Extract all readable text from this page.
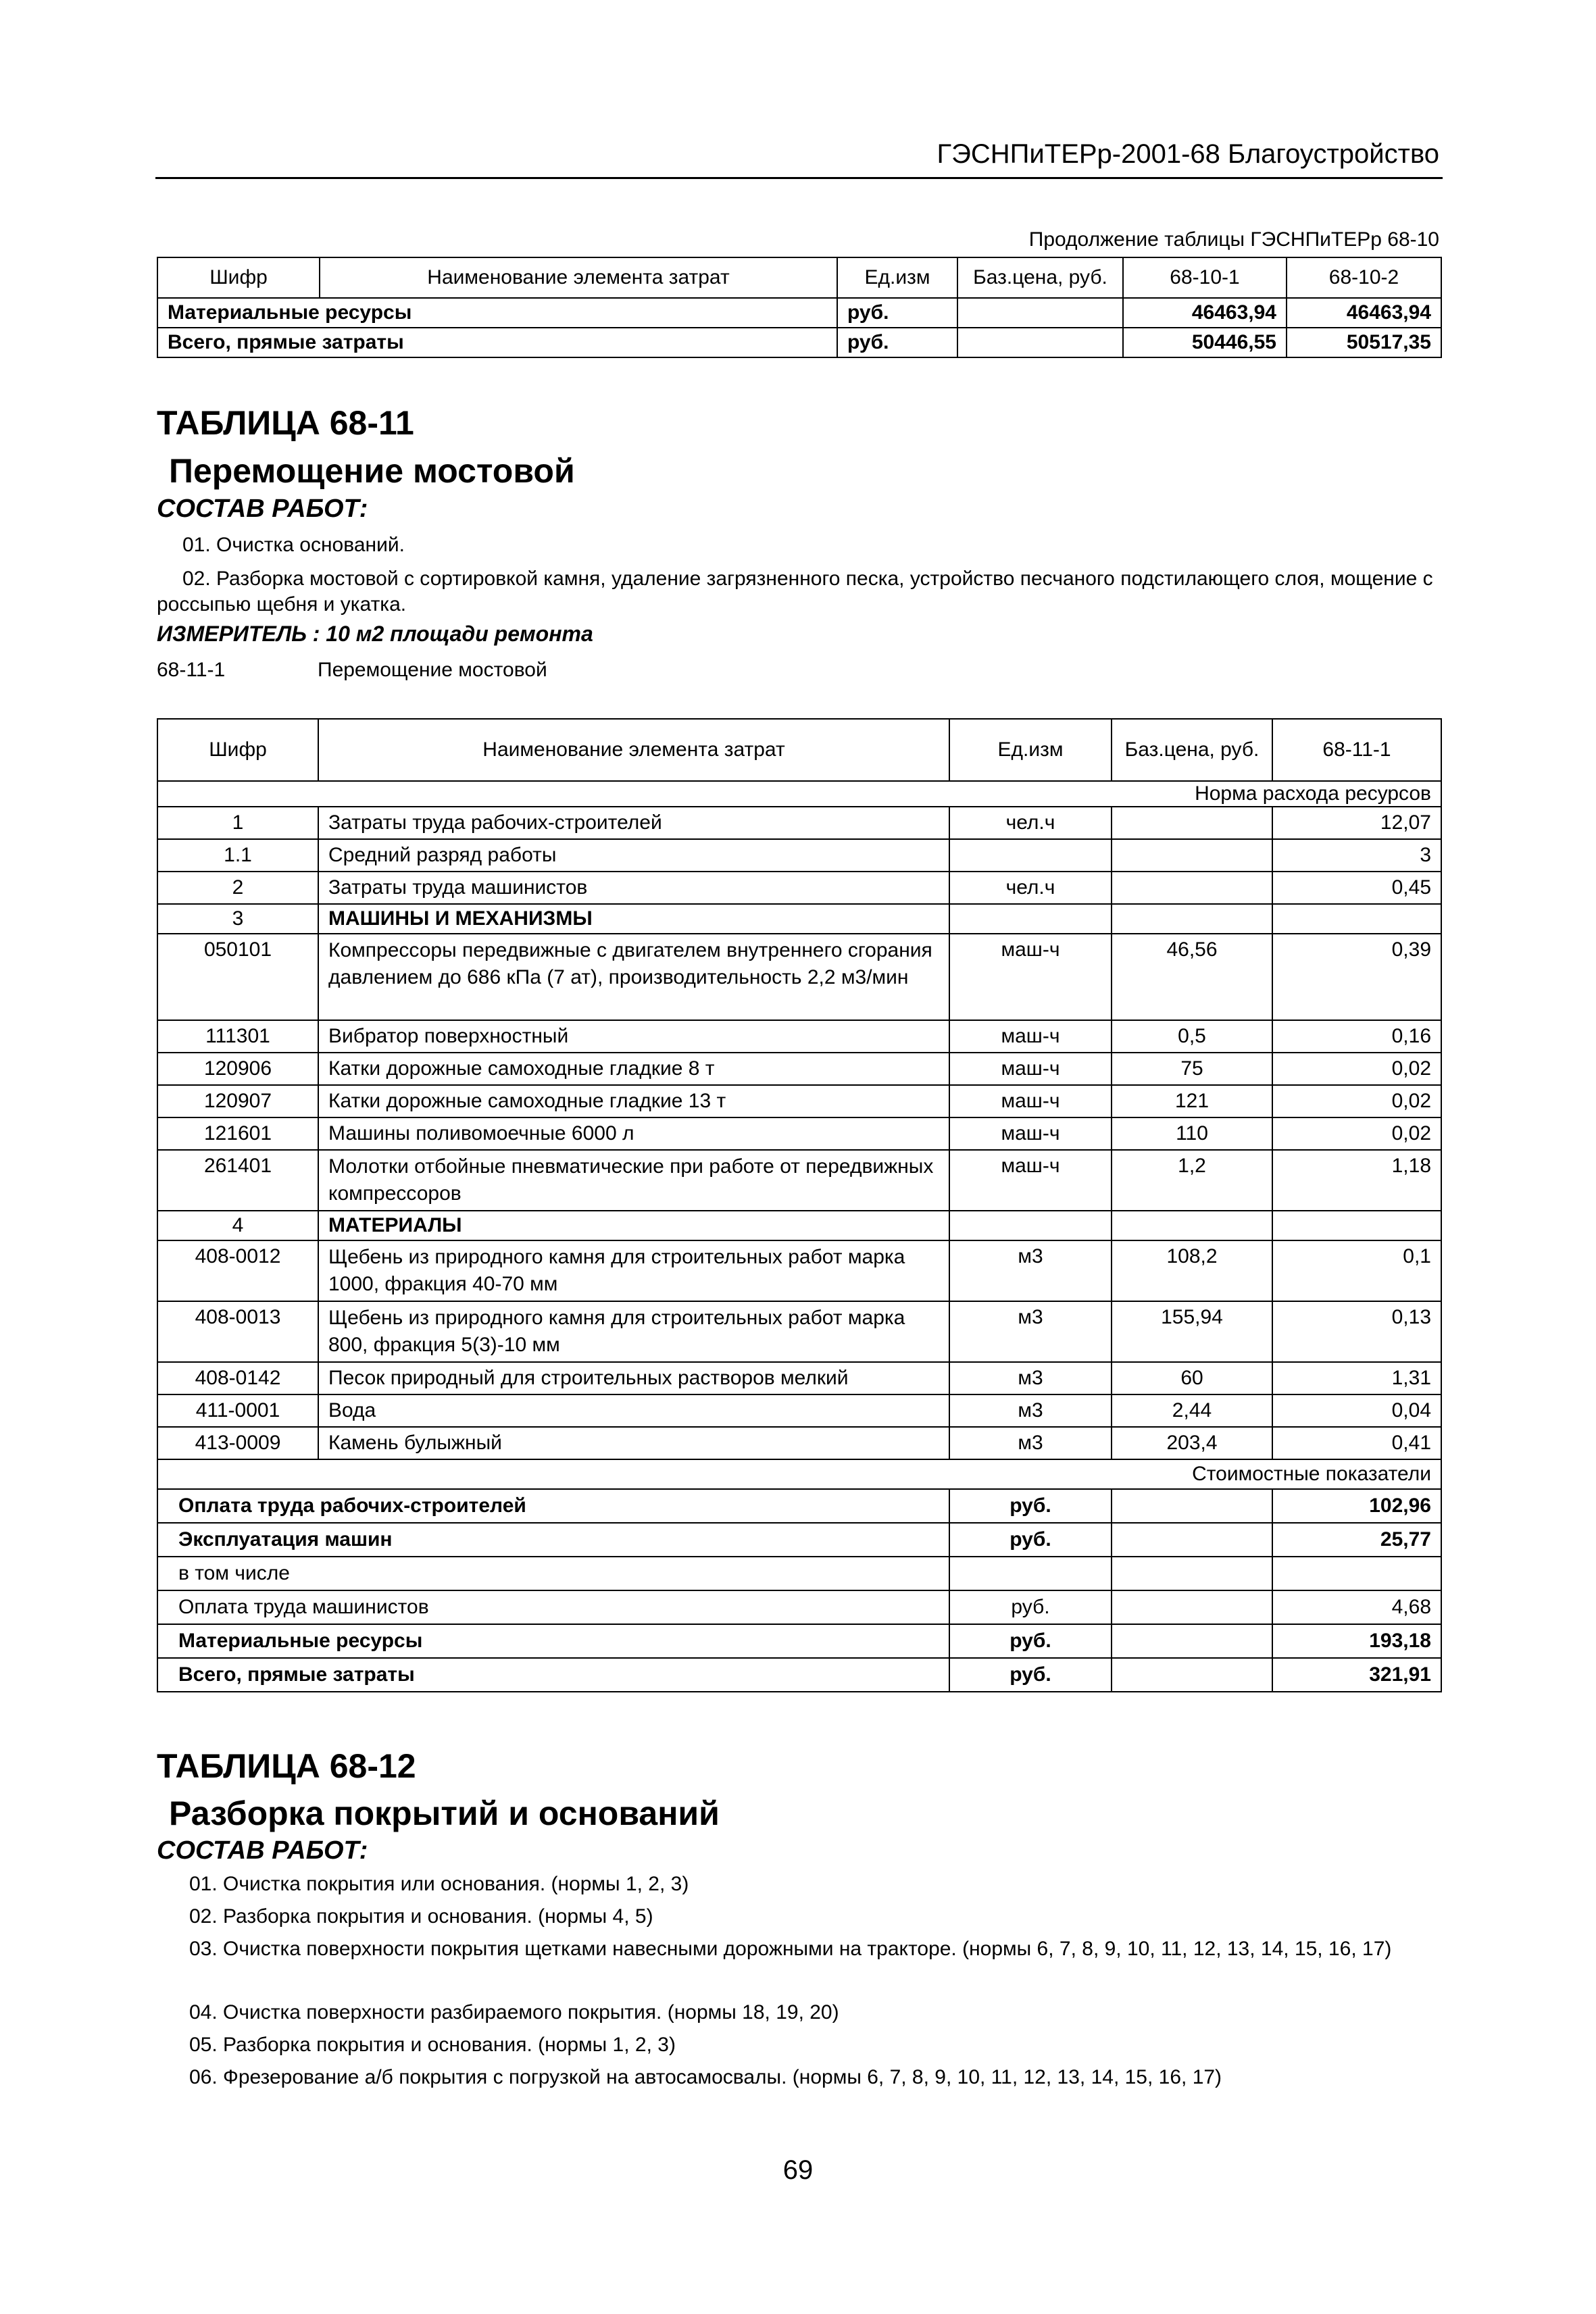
ГЭСНПиТЕРр-2001-68 Благоустройство
Продолжение таблицы ГЭСНПиТЕРр 68-10
Шифр	Наименование элемента затрат	Ед.изм	Баз.цена, руб.	68-10-1	68-10-2
Материальные ресурсы		руб.		46463,94	46463,94
Всего, прямые затраты		руб.		50446,55	50517,35
ТАБЛИЦА 68-11
Перемощение мостовой
СОСТАВ РАБОТ:
01. Очистка оснований.
02. Разборка мостовой с сортировкой камня, удаление загрязненного песка, устройство песчаного подстилающего слоя, мощение с россыпью щебня и укатка.
ИЗМЕРИТЕЛЬ : 10 м2 площади ремонта
68-11-1	Перемощение мостовой
Шифр	Наименование элемента затрат	Ед.изм	Баз.цена, руб.	68-11-1
Норма расхода ресурсов				
1	Затраты труда рабочих-строителей	чел.ч		12,07
1.1	Средний разряд работы			3
2	Затраты труда машинистов	чел.ч		0,45
3	МАШИНЫ И МЕХАНИЗМЫ			
050101	Компрессоры передвижные с двигателем внутреннего сгорания давлением до 686 кПа (7 ат), производительность 2,2 м3/мин	маш-ч	46,56	0,39
111301	Вибратор поверхностный	маш-ч	0,5	0,16
120906	Катки дорожные самоходные гладкие 8 т	маш-ч	75	0,02
120907	Катки дорожные самоходные гладкие 13 т	маш-ч	121	0,02
121601	Машины поливомоечные 6000 л	маш-ч	110	0,02
261401	Молотки отбойные пневматические при работе от передвижных компрессоров	маш-ч	1,2	1,18
4	МАТЕРИАЛЫ			
408-0012	Щебень из природного камня для строительных работ марка 1000, фракция 40-70 мм	м3	108,2	0,1
408-0013	Щебень из природного камня для строительных работ марка 800, фракция 5(3)-10 мм	м3	155,94	0,13
408-0142	Песок природный для строительных растворов мелкий	м3	60	1,31
411-0001	Вода	м3	2,44	0,04
413-0009	Камень булыжный	м3	203,4	0,41
Стоимостные показатели				
Оплата труда рабочих-строителей		руб.		102,96
Эксплуатация машин		руб.		25,77
в том числе				
Оплата труда машинистов		руб.		4,68
Материальные ресурсы		руб.		193,18
Всего, прямые затраты		руб.		321,91
ТАБЛИЦА 68-12
Разборка покрытий и оснований
СОСТАВ РАБОТ:
01. Очистка покрытия или основания. (нормы 1, 2, 3)
02. Разборка покрытия и основания. (нормы 4, 5)
03. Очистка поверхности покрытия щетками навесными дорожными на тракторе. (нормы 6, 7, 8, 9, 10, 11, 12, 13, 14, 15, 16, 17)
04. Очистка поверхности разбираемого покрытия. (нормы 18, 19, 20)
05. Разборка покрытия и основания. (нормы 1, 2, 3)
06. Фрезерование а/б покрытия с погрузкой на автосамосвалы. (нормы 6, 7, 8, 9, 10, 11, 12, 13, 14, 15, 16, 17)
69
